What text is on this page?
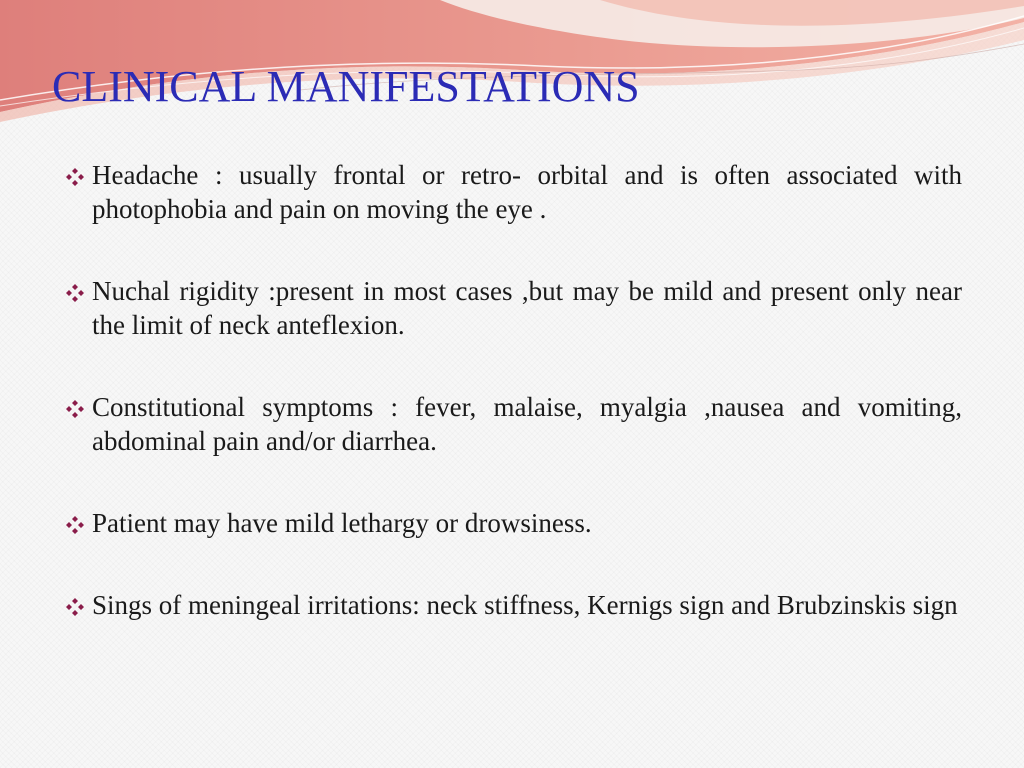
CLINICAL MANIFESTATIONS
Headache : usually frontal or retro- orbital and is often associated with photophobia and pain on moving the eye .
Nuchal rigidity :present in most cases ,but may be mild and present only near the limit of neck anteflexion.
Constitutional symptoms : fever, malaise, myalgia ,nausea and vomiting, abdominal pain and/or diarrhea.
Patient may have mild lethargy or drowsiness.
Sings of meningeal irritations: neck stiffness, Kernigs sign and Brubzinskis sign
